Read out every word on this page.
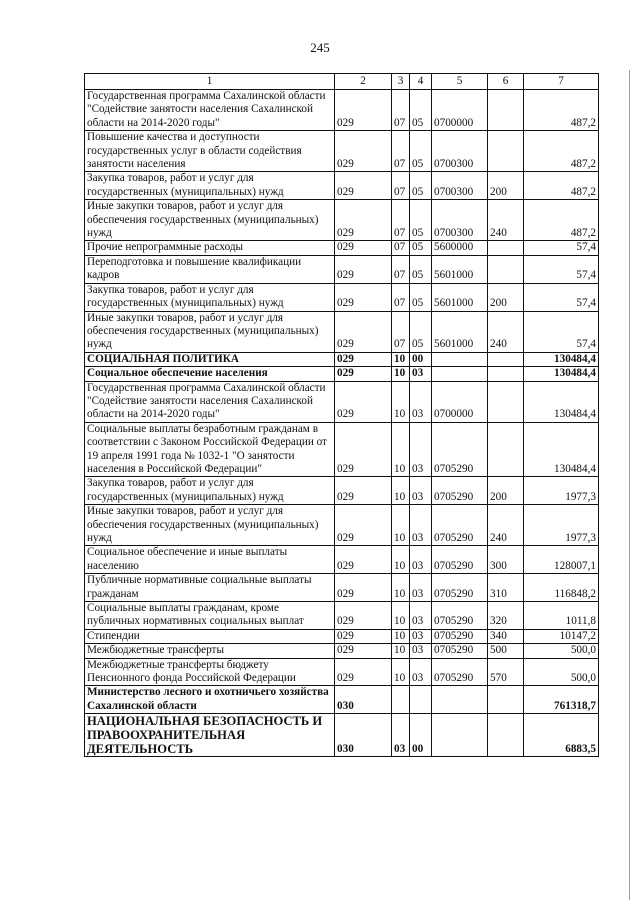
245
1	2	3	4	5	6	7
Государственная программа Сахалинской области "Содействие занятости населения Сахалинской области на 2014-2020 годы"	029	07	05	0700000		487,2
Повышение качества и доступности государственных услуг в области содействия занятости населения	029	07	05	0700300		487,2
Закупка товаров, работ и услуг для государственных (муниципальных) нужд	029	07	05	0700300	200	487,2
Иные закупки товаров, работ и услуг для обеспечения государственных (муниципальных) нужд	029	07	05	0700300	240	487,2
Прочие непрограммные расходы	029	07	05	5600000		57,4
Переподготовка и повышение квалификации кадров	029	07	05	5601000		57,4
Закупка товаров, работ и услуг для государственных (муниципальных) нужд	029	07	05	5601000	200	57,4
Иные закупки товаров, работ и услуг для обеспечения государственных (муниципальных) нужд	029	07	05	5601000	240	57,4
СОЦИАЛЬНАЯ ПОЛИТИКА	029	10	00			130484,4
Социальное обеспечение населения	029	10	03			130484,4
Государственная программа Сахалинской области "Содействие занятости населения Сахалинской области на 2014-2020 годы"	029	10	03	0700000		130484,4
Социальные выплаты безработным гражданам в соответствии с Законом Российской Федерации от 19 апреля 1991 года № 1032-1 "О занятости населения в Российской Федерации"	029	10	03	0705290		130484,4
Закупка товаров, работ и услуг для государственных (муниципальных) нужд	029	10	03	0705290	200	1977,3
Иные закупки товаров, работ и услуг для обеспечения государственных (муниципальных) нужд	029	10	03	0705290	240	1977,3
Социальное обеспечение и иные выплаты населению	029	10	03	0705290	300	128007,1
Публичные нормативные социальные выплаты гражданам	029	10	03	0705290	310	116848,2
Социальные выплаты гражданам, кроме публичных нормативных социальных выплат	029	10	03	0705290	320	1011,8
Стипендии	029	10	03	0705290	340	10147,2
Межбюджетные трансферты	029	10	03	0705290	500	500,0
Межбюджетные трансферты бюджету Пенсионного фонда Российской Федерации	029	10	03	0705290	570	500,0
Министерство лесного и охотничьего хозяйства Сахалинской области	030					761318,7
НАЦИОНАЛЬНАЯ БЕЗОПАСНОСТЬ И ПРАВООХРАНИТЕЛЬНАЯ ДЕЯТЕЛЬНОСТЬ	030	03	00			6883,5
